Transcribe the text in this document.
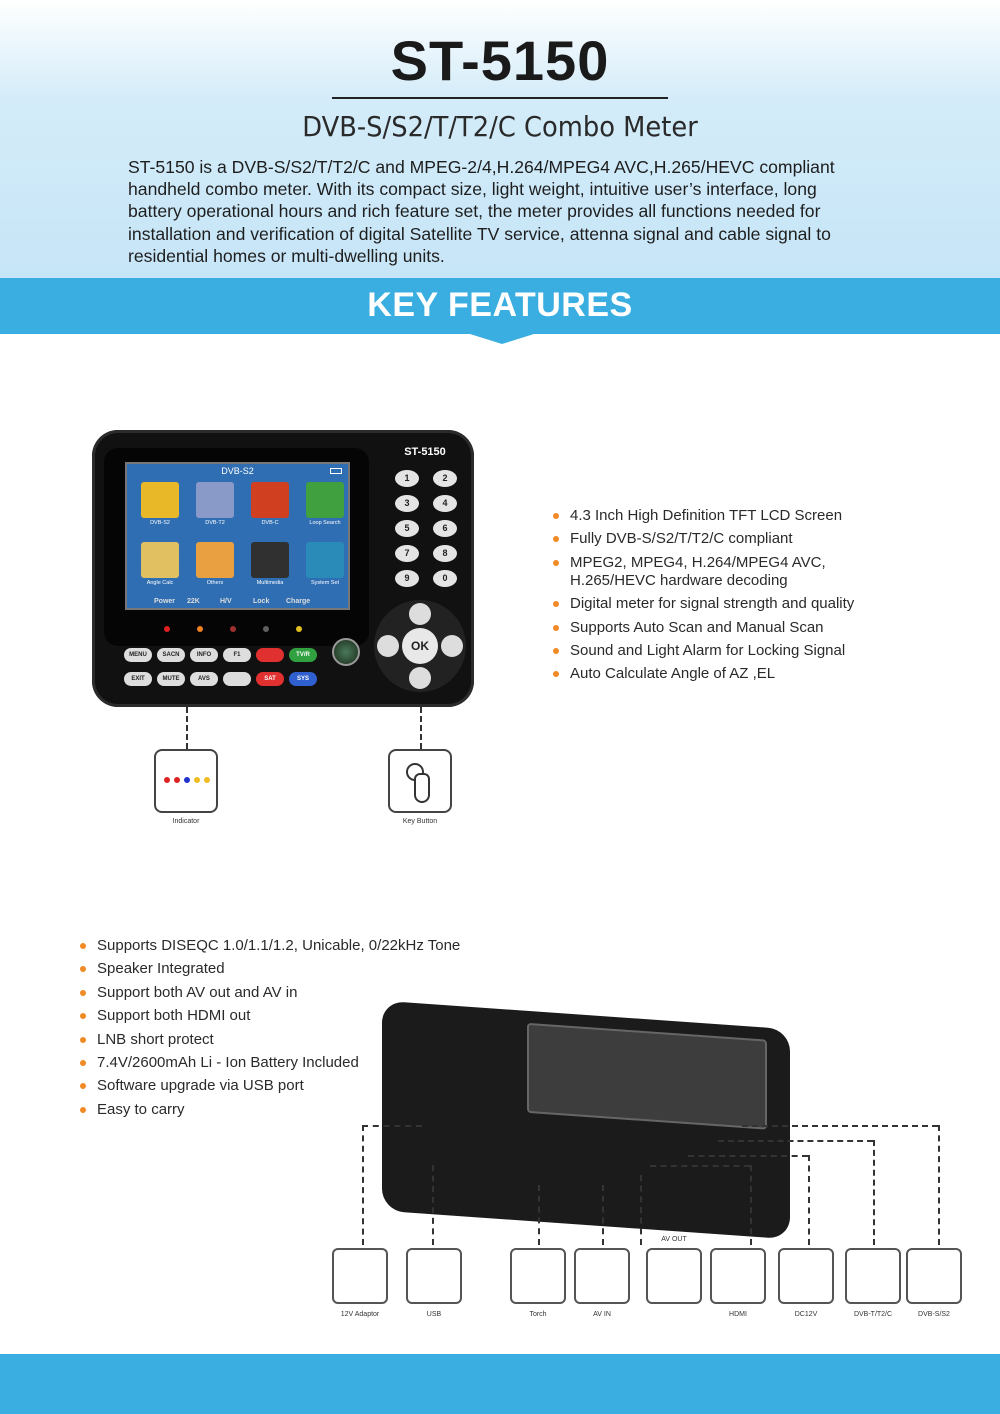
ST-5150
DVB-S/S2/T/T2/C Combo Meter
ST-5150 is a DVB-S/S2/T/T2/C and MPEG-2/4,H.264/MPEG4 AVC,H.265/HEVC compliant handheld combo meter. With its compact size, light weight, intuitive user’s interface, long battery operational hours and rich feature set, the meter provides all functions needed for installation and verification of digital Satellite TV service, attenna signal and cable signal to residential homes or multi-dwelling units.
KEY FEATURES
DVB-S2
DVB-S2	DVB-T2	DVB-C	Loop Search
Angle Calc	Others	Multimedia	System Set
ST-5150
1	2
3	4
5	6
7	8
9	0
Power 22K	H/V	Lock Charge
MENU	SACN	INFO	F1	TV/R
EXIT	MUTE	AVS	SAT	SYS
OK
Indicator	Key Button
4.3 Inch High Definition TFT LCD Screen
Fully DVB-S/S2/T/T2/C compliant
MPEG2, MPEG4, H.264/MPEG4 AVC, H.265/HEVC hardware decoding
Digital meter for signal strength and quality
Supports Auto Scan and Manual Scan
Sound and Light Alarm for Locking Signal
Auto Calculate Angle of AZ ,EL
Supports DISEQC 1.0/1.1/1.2, Unicable, 0/22kHz Tone
Speaker Integrated
Support both AV out and AV in
Support both HDMI out
LNB short protect
7.4V/2600mAh Li - Ion Battery Included
Software upgrade via USB port
Easy to carry
12V Adaptor	USB	Torch	AV IN
AV OUT
HDMI	DC12V	DVB-T/T2/C	DVB-S/S2
